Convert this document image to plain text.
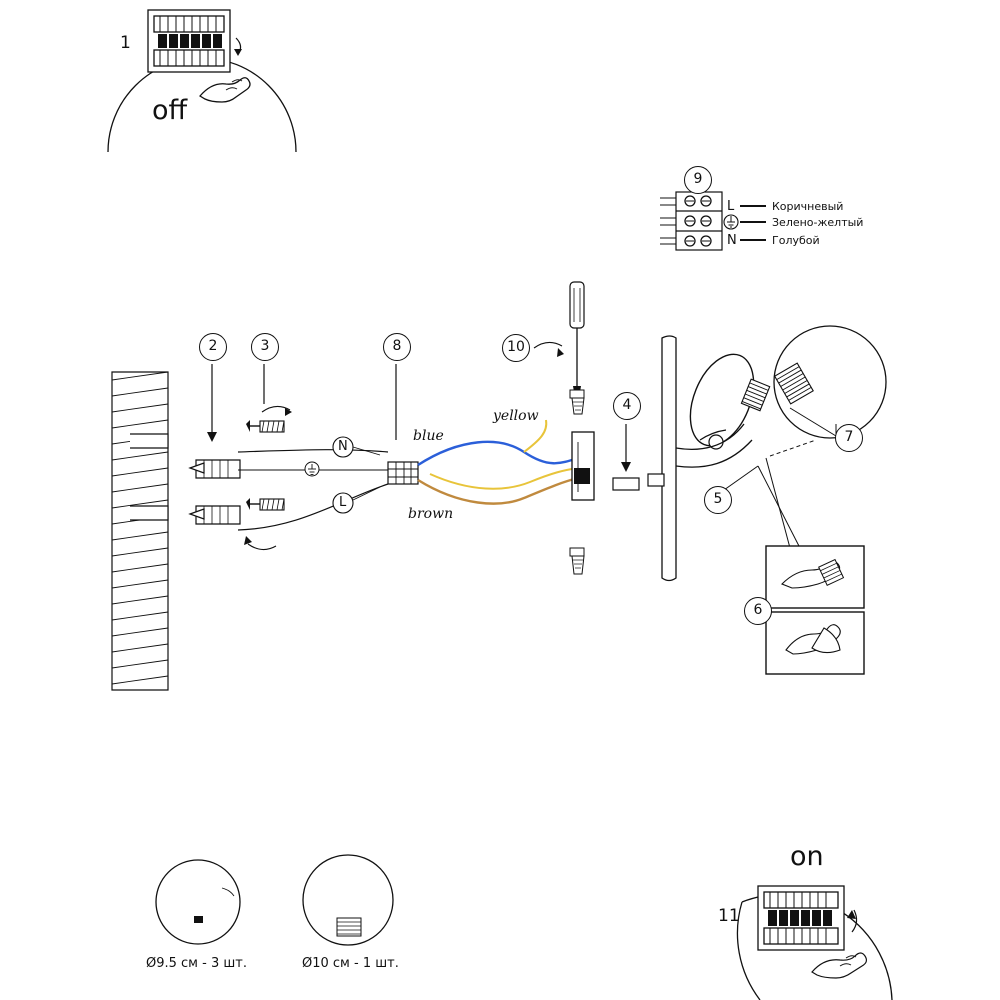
off
1
on
11
2	3	8	10
4
5
6
7
9
blue
yellow
brown
N
L
L
N
Коричневый
Зелено-желтый
Голубой
Ø9.5 см - 3 шт.	Ø10 см - 1 шт.
